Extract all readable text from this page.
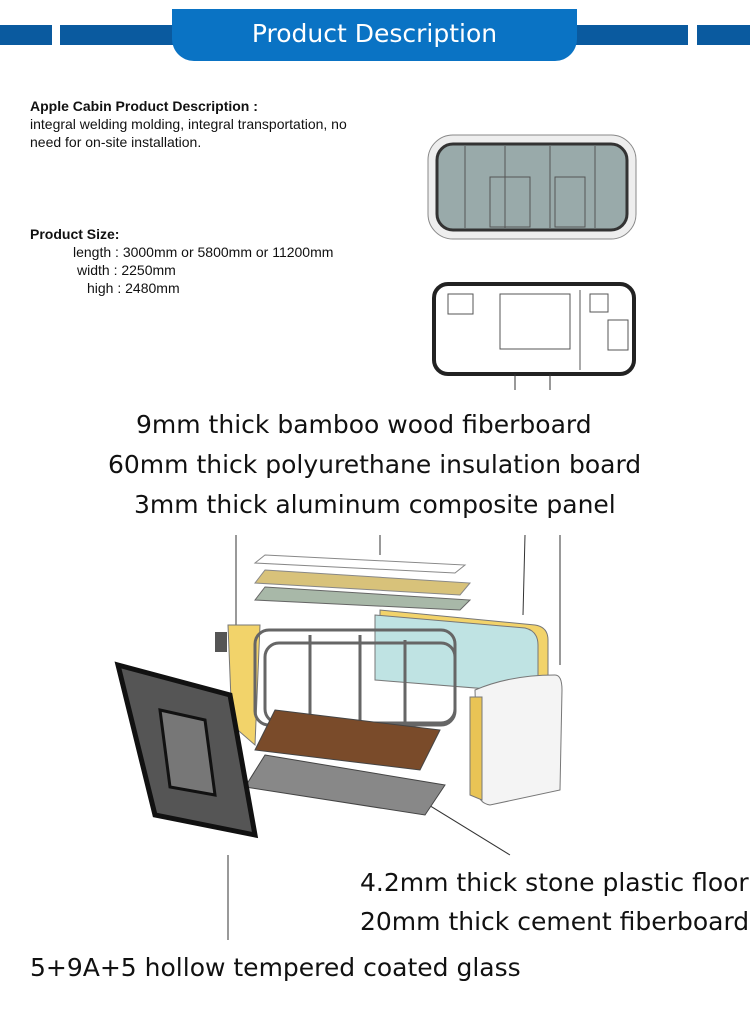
Product Description
Apple Cabin Product Description :
integral welding molding, integral transportation, no
need for on-site installation.
Product Size:
length : 3000mm or 5800mm or 11200mm
width : 2250mm
high : 2480mm
9mm thick bamboo wood fiberboard
60mm thick polyurethane insulation board
3mm thick aluminum composite panel
4.2mm thick stone plastic floor
20mm thick cement fiberboard
5+9A+5 hollow tempered coated glass
